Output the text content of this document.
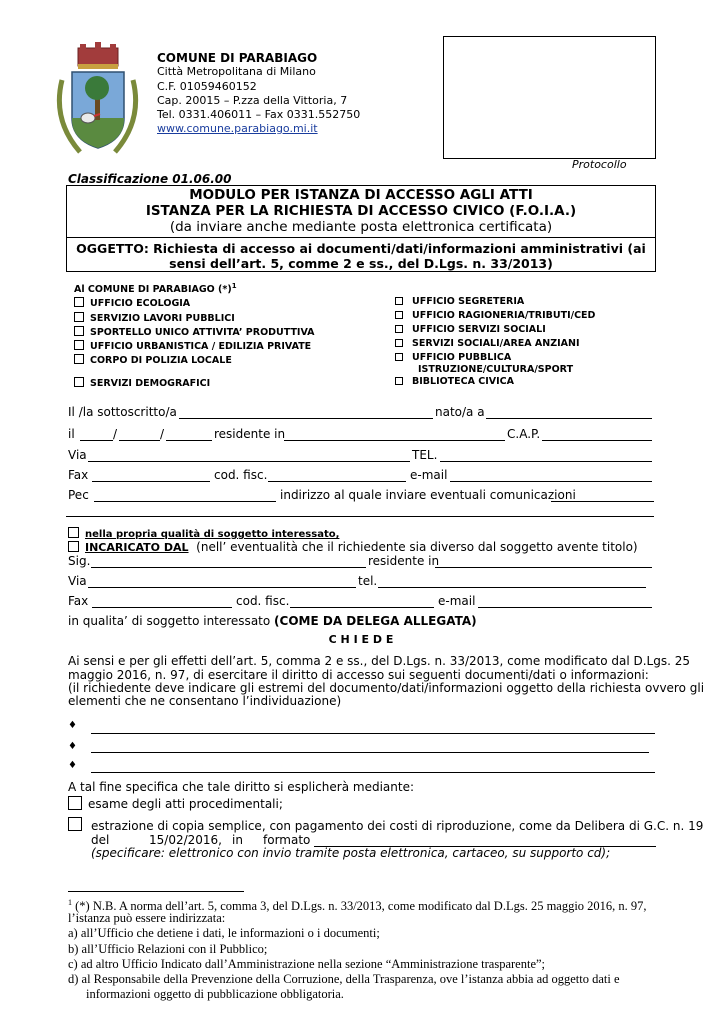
COMUNE DI PARABIAGO
Città Metropolitana di Milano
C.F. 01059460152
Cap. 20015 – P.zza della Vittoria, 7
Tel. 0331.406011 – Fax 0331.552750
www.comune.parabiago.mi.it
Protocollo
Classificazione 01.06.00
MODULO PER ISTANZA DI ACCESSO AGLI ATTI
ISTANZA PER LA RICHIESTA DI ACCESSO CIVICO (F.O.I.A.)
(da inviare anche mediante posta elettronica certificata)
OGGETTO: Richiesta di accesso ai documenti/dati/informazioni amministrativi (ai
sensi dell’art. 5, comme 2 e ss., del D.Lgs. n. 33/2013)
Al COMUNE DI PARABIAGO $(*)^1$
UFFICIO ECOLOGIA
SERVIZIO LAVORI PUBBLICI
SPORTELLO UNICO ATTIVITA’ PRODUTTIVA
UFFICIO URBANISTICA / EDILIZIA PRIVATE
CORPO DI POLIZIA LOCALE
SERVIZI DEMOGRAFICI
UFFICIO SEGRETERIA
UFFICIO RAGIONERIA/TRIBUTI/CED
UFFICIO SERVIZI SOCIALI
SERVIZI SOCIALI/AREA ANZIANI
UFFICIO PUBBLICA
ISTRUZIONE/CULTURA/SPORT
BIBLIOTECA CIVICA
Il /la sottoscritto/a	nato/a a
il	/	/	residente in	C.A.P.
Via	TEL.
Fax	cod. fisc.	e-mail
Pec	indirizzo al quale inviare eventuali comunicazioni
nella propria qualità di soggetto interessato,
INCARICATO DAL (nell’ eventualità che il richiedente sia diverso dal soggetto avente titolo)
Sig.	residente in
Via	tel.
Fax	cod. fisc.	e-mail
in qualita’ di soggetto interessato (COME DA DELEGA ALLEGATA)
C H I E D E
Ai sensi e per gli effetti dell’art. 5, comma 2 e ss., del D.Lgs. n. 33/2013, come modificato dal D.Lgs. 25
maggio 2016, n. 97, di esercitare il diritto di accesso sui seguenti documenti/dati o informazioni:
(il richiedente deve indicare gli estremi del documento/dati/informazioni oggetto della richiesta ovvero gli
elementi che ne consentano l’individuazione)
♦
♦
♦
A tal fine specifica che tale diritto si esplicherà mediante:
esame degli atti procedimentali;
estrazione di copia semplice, con pagamento dei costi di riproduzione, come da Delibera di G.C. n. 19
del	15/02/2016, in formato
(specificare: elettronico con invio tramite posta elettronica, cartaceo, su supporto cd);
$^1$ (*) N.B. A norma dell’art. 5, comma 3, del D.Lgs. n. 33/2013, come modificato dal D.Lgs. 25 maggio 2016, n. 97,
l’istanza può essere indirizzata:
a) all’Ufficio che detiene i dati, le informazioni o i documenti;
b) all’Ufficio Relazioni con il Pubblico;
c) ad altro Ufficio Indicato dall’Amministrazione nella sezione “Amministrazione trasparente”;
d) al Responsabile della Prevenzione della Corruzione, della Trasparenza, ove l’istanza abbia ad oggetto dati e
informazioni oggetto di pubblicazione obbligatoria.
